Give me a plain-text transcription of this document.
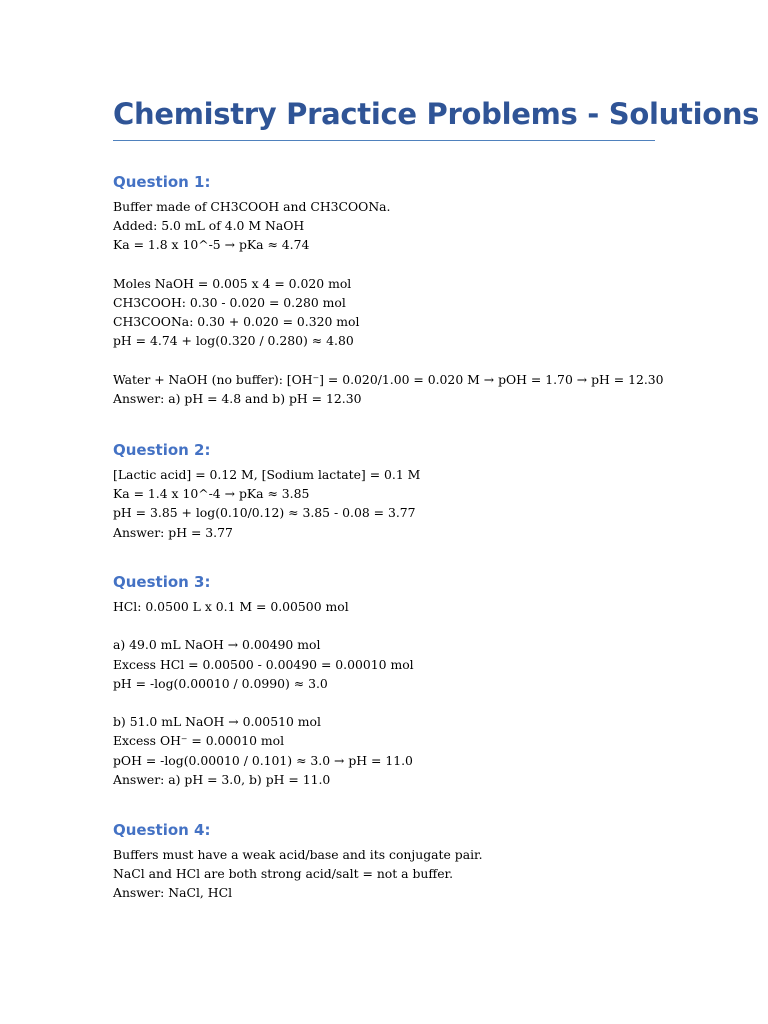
Chemistry Practice Problems - Solutions
Question 1:
Buffer made of CH3COOH and CH3COONa.
Added: 5.0 mL of 4.0 M NaOH
Ka = 1.8 x 10^-5 → pKa ≈ 4.74
Moles NaOH = 0.005 x 4 = 0.020 mol
CH3COOH: 0.30 - 0.020 = 0.280 mol
CH3COONa: 0.30 + 0.020 = 0.320 mol
pH = 4.74 + log(0.320 / 0.280) ≈ 4.80
Water + NaOH (no buffer): [OH⁻] = 0.020/1.00 = 0.020 M → pOH = 1.70 → pH = 12.30
Answer: a) pH = 4.8 and b) pH = 12.30
Question 2:
[Lactic acid] = 0.12 M, [Sodium lactate] = 0.1 M
Ka = 1.4 x 10^-4 → pKa ≈ 3.85
pH = 3.85 + log(0.10/0.12) ≈ 3.85 - 0.08 = 3.77
Answer: pH = 3.77
Question 3:
HCl: 0.0500 L x 0.1 M = 0.00500 mol
a) 49.0 mL NaOH → 0.00490 mol
Excess HCl = 0.00500 - 0.00490 = 0.00010 mol
pH = -log(0.00010 / 0.0990) ≈ 3.0
b) 51.0 mL NaOH → 0.00510 mol
Excess OH⁻ = 0.00010 mol
pOH = -log(0.00010 / 0.101) ≈ 3.0 → pH = 11.0
Answer: a) pH = 3.0, b) pH = 11.0
Question 4:
Buffers must have a weak acid/base and its conjugate pair.
NaCl and HCl are both strong acid/salt = not a buffer.
Answer: NaCl, HCl
